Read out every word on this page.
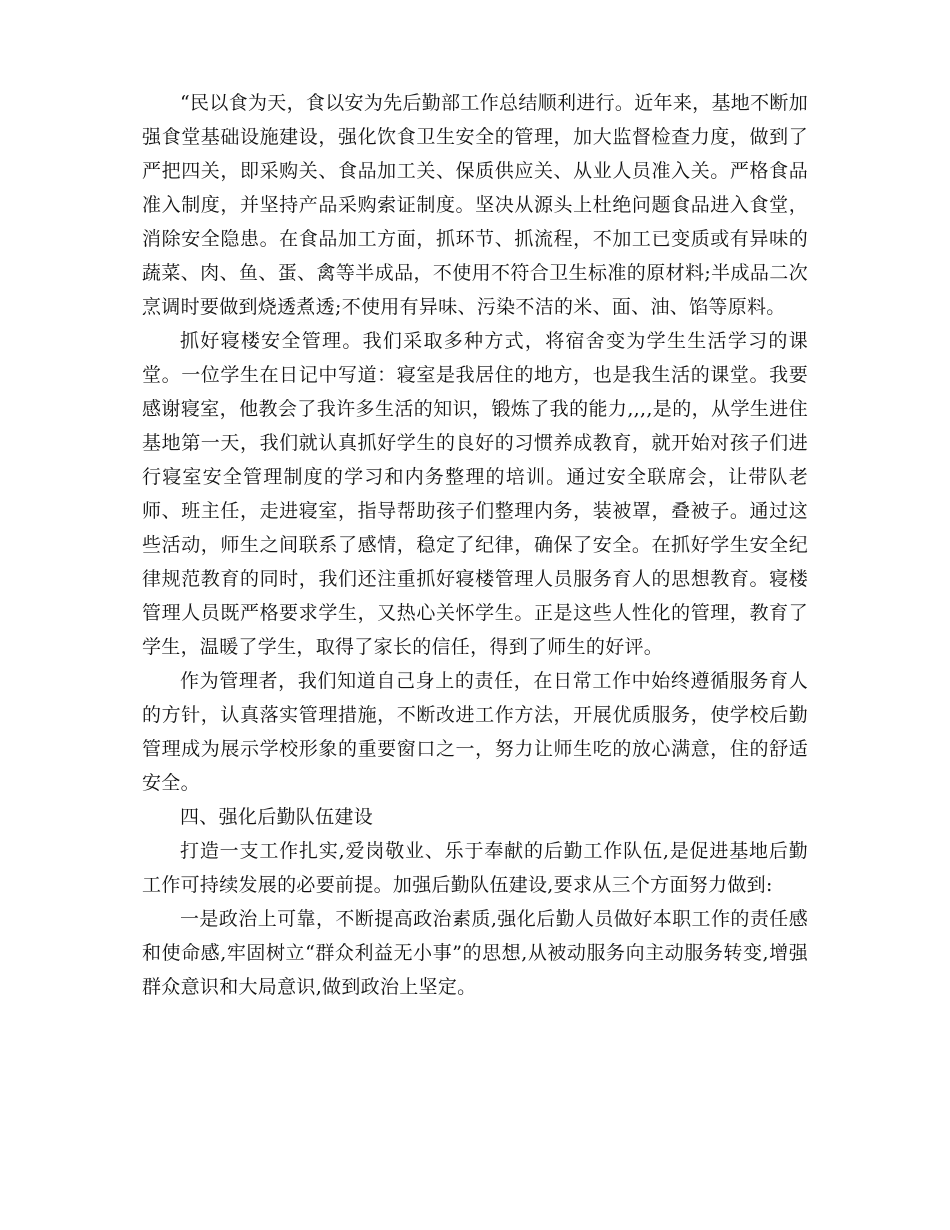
“民以食为天，食以安为先后勤部工作总结顺利进行。近年来，基地不断加强食堂基础设施建设，强化饮食卫生安全的管理，加大监督检查力度，做到了严把四关，即采购关、食品加工关、保质供应关、从业人员准入关。严格食品准入制度，并坚持产品采购索证制度。坚决从源头上杜绝问题食品进入食堂，消除安全隐患。在食品加工方面，抓环节、抓流程，不加工已变质或有异味的蔬菜、肉、鱼、蛋、禽等半成品，不使用不符合卫生标准的原材料;半成品二次烹调时要做到烧透煮透;不使用有异味、污染不洁的米、面、油、馅等原料。

抓好寝楼安全管理。我们采取多种方式，将宿舍变为学生生活学习的课堂。一位学生在日记中写道：寝室是我居住的地方，也是我生活的课堂。我要感谢寝室，他教会了我许多生活的知识，锻炼了我的能力,,,,是的，从学生进住基地第一天，我们就认真抓好学生的良好的习惯养成教育，就开始对孩子们进行寝室安全管理制度的学习和内务整理的培训。通过安全联席会，让带队老师、班主任，走进寝室，指导帮助孩子们整理内务，装被罩，叠被子。通过这些活动，师生之间联系了感情，稳定了纪律，确保了安全。在抓好学生安全纪律规范教育的同时，我们还注重抓好寝楼管理人员服务育人的思想教育。寝楼管理人员既严格要求学生，又热心关怀学生。正是这些人性化的管理，教育了学生，温暖了学生，取得了家长的信任，得到了师生的好评。

作为管理者，我们知道自己身上的责任，在日常工作中始终遵循服务育人的方针，认真落实管理措施，不断改进工作方法，开展优质服务，使学校后勤管理成为展示学校形象的重要窗口之一，努力让师生吃的放心满意，住的舒适安全。

四、强化后勤队伍建设

打造一支工作扎实,爱岗敬业、乐于奉献的后勤工作队伍,是促进基地后勤工作可持续发展的必要前提。加强后勤队伍建设,要求从三个方面努力做到:

一是政治上可靠，不断提高政治素质,强化后勤人员做好本职工作的责任感和使命感,牢固树立“群众利益无小事”的思想,从被动服务向主动服务转变,增强群众意识和大局意识,做到政治上坚定。
